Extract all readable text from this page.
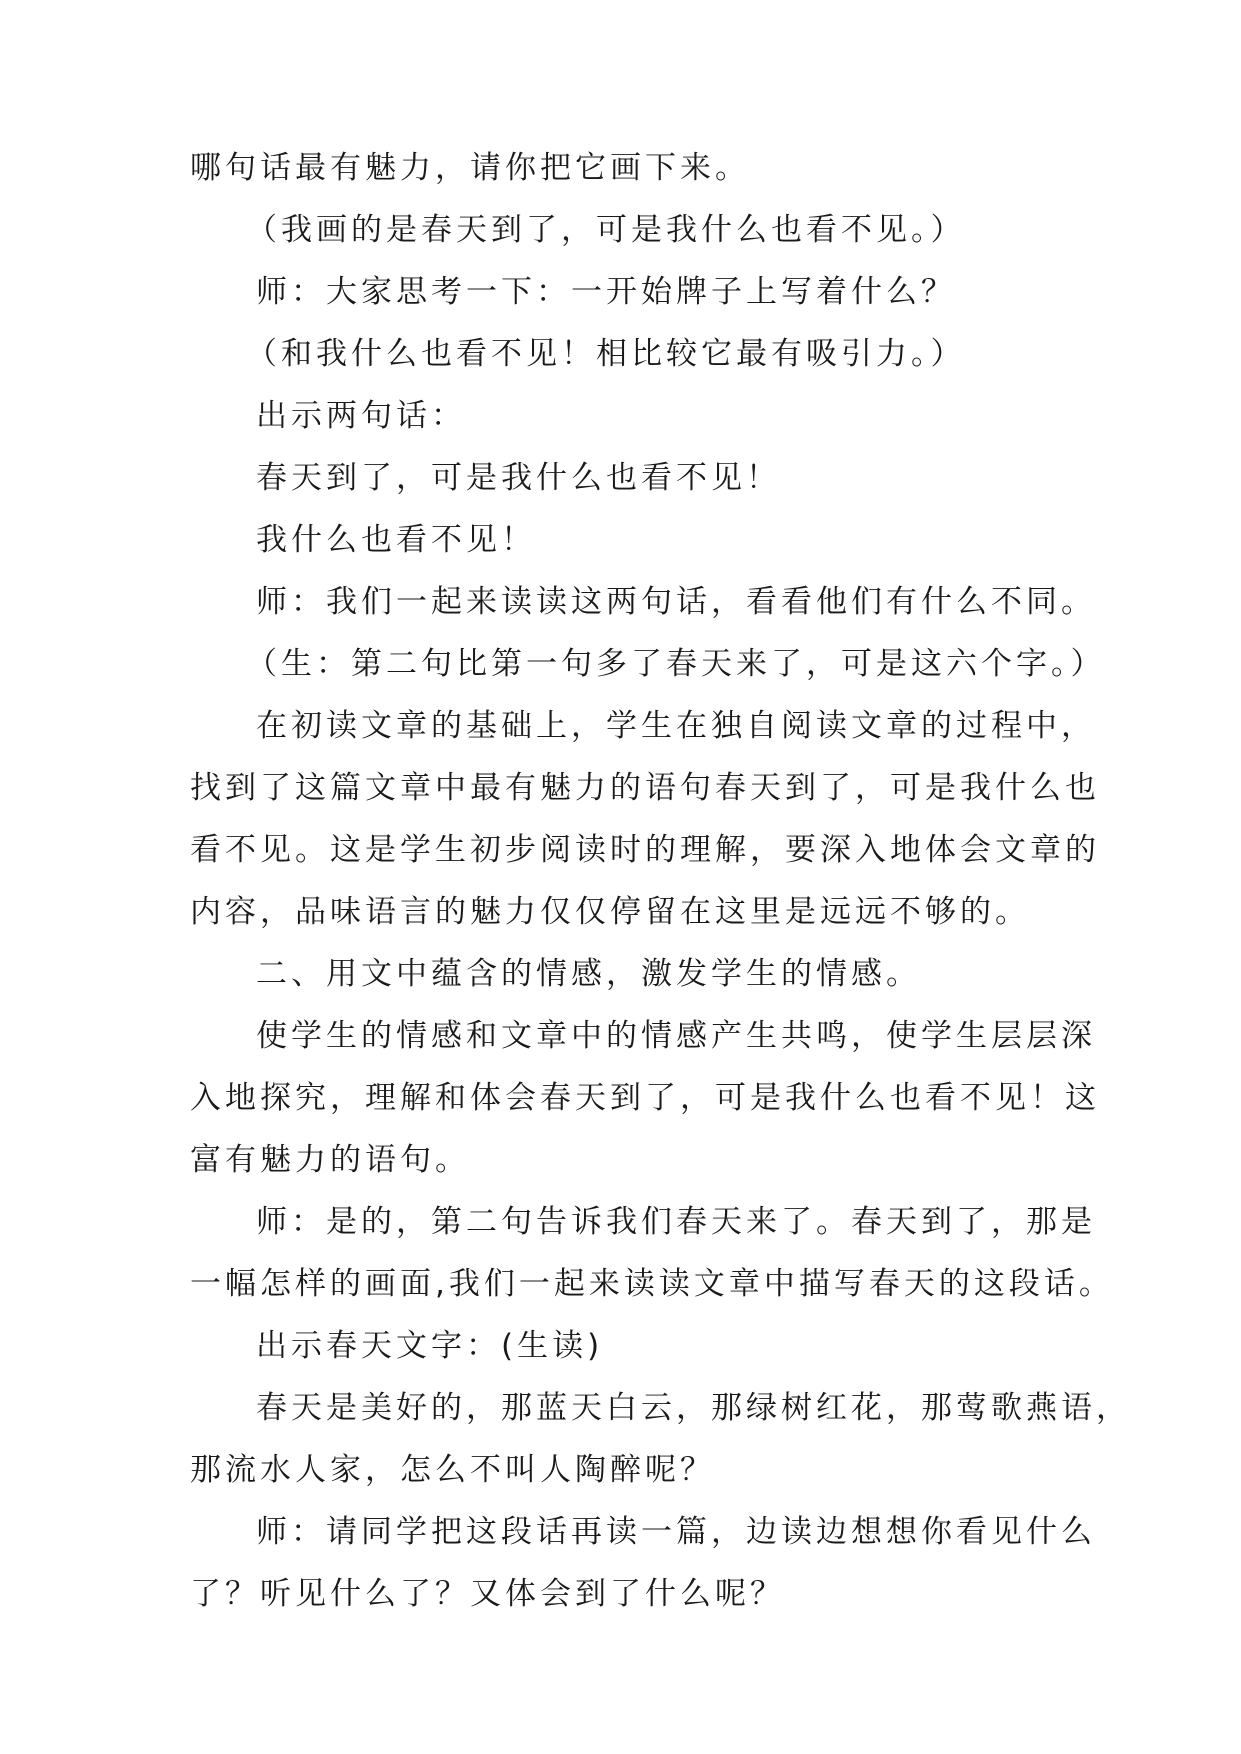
哪句话最有魅力，请你把它画下来。
（我画的是春天到了，可是我什么也看不见。）
师：大家思考一下：一开始牌子上写着什么？
（和我什么也看不见！相比较它最有吸引力。）
出示两句话：
春天到了，可是我什么也看不见！
我什么也看不见！
师：我们一起来读读这两句话，看看他们有什么不同。
（生：第二句比第一句多了春天来了，可是这六个字。）
在初读文章的基础上，学生在独自阅读文章的过程中，
找到了这篇文章中最有魅力的语句春天到了，可是我什么也
看不见。这是学生初步阅读时的理解，要深入地体会文章的
内容，品味语言的魅力仅仅停留在这里是远远不够的。
二、用文中蕴含的情感，激发学生的情感。
使学生的情感和文章中的情感产生共鸣，使学生层层深
入地探究，理解和体会春天到了，可是我什么也看不见！这
富有魅力的语句。
师：是的，第二句告诉我们春天来了。春天到了，那是
一幅怎样的画面,我们一起来读读文章中描写春天的这段话。
出示春天文字：(生读)
春天是美好的，那蓝天白云，那绿树红花，那莺歌燕语，
那流水人家，怎么不叫人陶醉呢？
师：请同学把这段话再读一篇，边读边想想你看见什么
了？听见什么了？又体会到了什么呢？
